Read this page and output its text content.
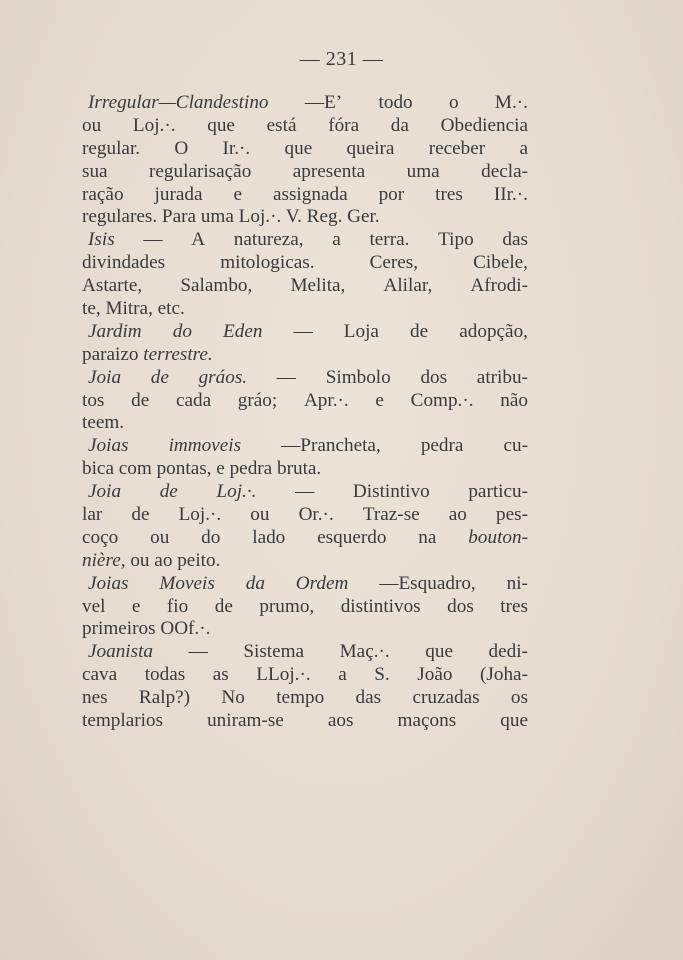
— 231 —
Irregular—Clandestino —E’ todo o M.·.
ou Loj.·. que está fóra da Obediencia
regular. O Ir.·. que queira receber a
sua regularisação apresenta uma decla-
ração jurada e assignada por tres IIr.·.
regulares. Para uma Loj.·. V. Reg. Ger.
Isis — A natureza, a terra. Tipo das
divindades	mitologicas.	Ceres,	Cibele,
Astarte, Salambo, Melita, Alilar, Afrodi-
te, Mitra, etc.
Jardim do Eden — Loja de adopção,
paraizo terrestre.
Joia de gráos. — Simbolo dos atribu-
tos de cada gráo; Apr.·. e Comp.·. não
teem.
Joias immoveis —Prancheta, pedra cu-
bica com pontas, e pedra bruta.
Joia de Loj.·. — Distintivo particu-
lar de Loj.·. ou Or.·. Traz-se ao pes-
coço ou do lado esquerdo na bouton-
nière, ou ao peito.
Joias Moveis da Ordem —Esquadro, ni-
vel e fio de prumo, distintivos dos tres
primeiros OOf.·.
Joanista — Sistema Maç.·. que dedi-
cava todas as LLoj.·. a S. João (Joha-
nes Ralp?) No tempo das cruzadas os
templarios uniram-se aos maçons que
